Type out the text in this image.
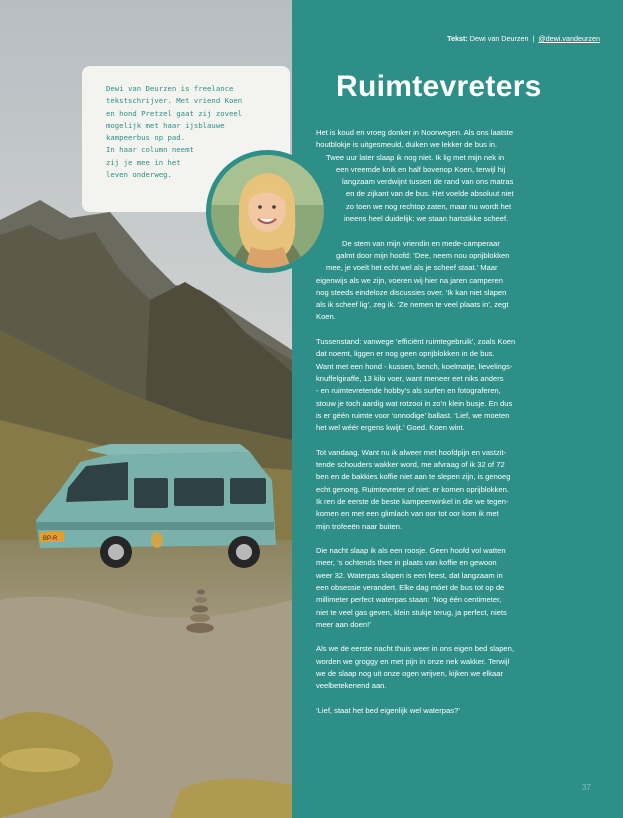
BP-R
Tekst: Dewi van Deurzen | @dewi.vandeurzen
Ruimtevreters

Dewi van Deurzen is freelance
tekstschrijver. Met vriend Koen
en hond Pretzel gaat zij zoveel
mogelijk met haar ijsblauwe
kampeerbus op pad.
In haar column neemt
zij je mee in het
leven onderweg.

Het is koud en vroeg donker in Noorwegen. Als ons laatste
houtblokje is uitgesmeuld, duiken we lekker de bus in.
Twee uur later slaap ik nog niet. Ik lig met mijn nek in
een vreemde knik en half bovenop Koen, terwijl hij
langzaam verdwijnt tussen de rand van ons matras
en de zijkant van de bus. Het voelde absoluut niet
zo toen we nog rechtop zaten, maar nu wordt het
ineens heel duidelijk: we staan hartstikke scheef.

De stem van mijn vriendin en mede-camperaar
galmt door mijn hoofd: ‘Dee, neem nou oprijblokken
mee, je voelt het echt wel als je scheef staat.’ Maar
eigenwijs als we zijn, voeren wij hier na jaren camperen
nog steeds eindeloze discussies over. ‘Ik kan niet slapen
als ik scheef lig’, zeg ik. ‘Ze nemen te veel plaats in’, zegt
Koen.

Tussenstand: vanwege ‘efficiënt ruimtegebruik’, zoals Koen
dat noemt, liggen er nog geen oprijblokken in de bus.
Want met een hond - kussen, bench, koelmatje, lievelings-
knuffelgiraffe, 13 kilo voer, want meneer eet niks anders
- en ruimtevretende hobby’s als surfen en fotograferen,
stouw je toch aardig wat rotzooi in zo’n klein busje. En dus
is er géén ruimte voor ‘onnodige’ ballast. ‘Lief, we moeten
het wel wéér ergens kwijt.’ Goed. Koen wint.

Tot vandaag. Want nu ik alweer met hoofdpijn en vastzit-
tende schouders wakker word, me afvraag of ik 32 of 72
ben en de bakkies koffie niet aan te slepen zijn, is genoeg
echt genoeg. Ruimtevreter of niet: er komen oprijblokken.
Ik ren de eerste de beste kampeerwinkel in die we tegen-
komen en met een glimlach van oor tot oor kom ik met
mijn trofeeën naar buiten.

Die nacht slaap ik als een roosje. Geen hoofd vol watten
meer, ‘s ochtends thee in plaats van koffie en gewoon
weer 32. Waterpas slapen is een feest, dat langzaam in
een obsessie verandert. Elke dag móet de bus tot op de
millimeter perfect waterpas staan: ‘Nog één centimeter,
niet te veel gas geven, klein stukje terug, ja perfect, niets
meer aan doen!’

Als we de eerste nacht thuis weer in ons eigen bed slapen,
worden we groggy en met pijn in onze nek wakker. Terwijl
we de slaap nog uit onze ogen wrijven, kijken we elkaar
veelbetekenend aan.

‘Lief, staat het bed eigenlijk wel waterpas?’

37
